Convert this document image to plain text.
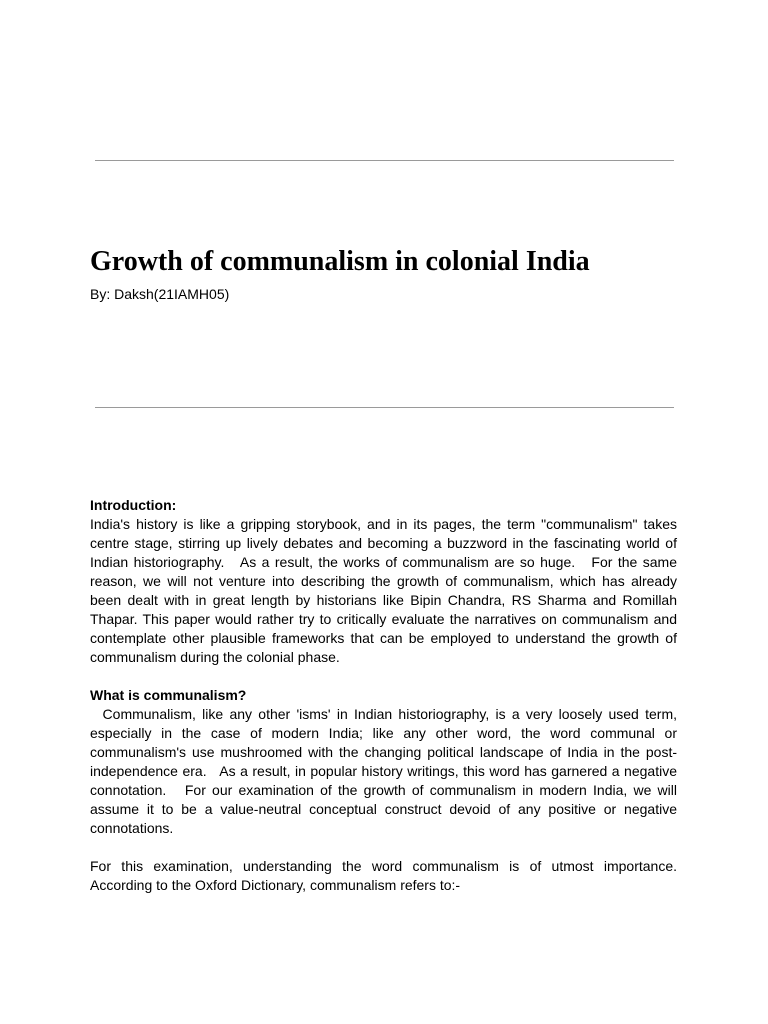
Growth of communalism in colonial India
By: Daksh(21IAMH05)
Introduction:

India's history is like a gripping storybook, and in its pages, the term "communalism" takes centre stage, stirring up lively debates and becoming a buzzword in the fascinating world of Indian historiography.   As a result, the works of communalism are so huge.   For the same reason, we will not venture into describing the growth of communalism, which has already been dealt with in great length by historians like Bipin Chandra, RS Sharma and Romillah Thapar. This paper would rather try to critically evaluate the narratives on communalism and contemplate other plausible frameworks that can be employed to understand the growth of communalism during the colonial phase.

What is communalism?

Communalism, like any other 'isms' in Indian historiography, is a very loosely used term, especially in the case of modern India; like any other word, the word communal or communalism's use mushroomed with the changing political landscape of India in the post-independence era.   As a result, in popular history writings, this word has garnered a negative connotation.   For our examination of the growth of communalism in modern India, we will assume it to be a value-neutral conceptual construct devoid of any positive or negative connotations.

For this examination, understanding the word communalism is of utmost importance. According to the Oxford Dictionary, communalism refers to:-
